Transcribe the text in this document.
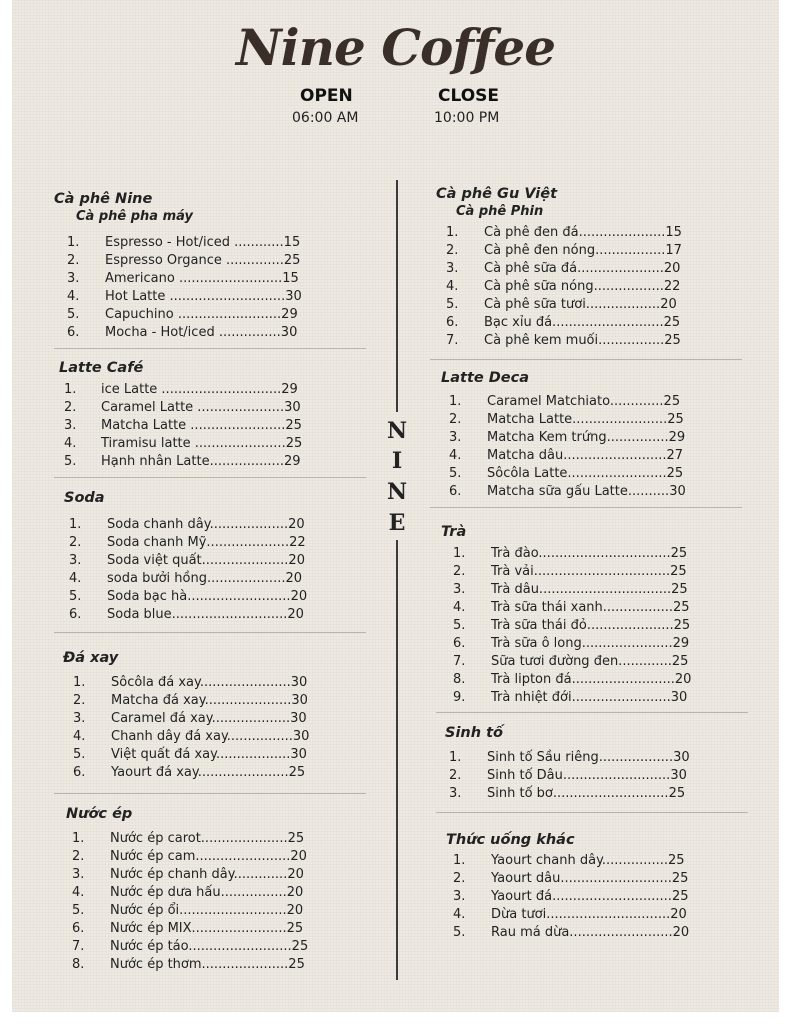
Nine Coffee
OPEN
06:00 AM
CLOSE
10:00 PM
N
I
N
E
Cà phê Nine
Cà phê pha máy
1. Espresso - Hot/iced ............15
2. Espresso Organce ..............25
3. Americano .........................15
4. Hot Latte ............................30
5. Capuchino .........................29
6. Mocha - Hot/iced ...............30
Latte Café
1. ice Latte .............................29
2. Caramel Latte .....................30
3. Matcha Latte .......................25
4. Tiramisu latte ......................25
5. Hạnh nhân Latte..................29
Soda
1. Soda chanh dây...................20
2. Soda chanh Mỹ....................22
3. Soda việt quất.....................20
4. soda bưởi hồng...................20
5. Soda bạc hà.........................20
6. Soda blue............................20
Đá xay
1. Sôcôla đá xay......................30
2. Matcha đá xay.....................30
3. Caramel đá xay...................30
4. Chanh dây đá xay................30
5. Việt quất đá xay..................30
6. Yaourt đá xay......................25
Nước ép
1. Nước ép carot.....................25
2. Nước ép cam.......................20
3. Nước ép chanh dây.............20
4. Nước ép dưa hấu................20
5. Nước ép ổi..........................20
6. Nước ép MIX.......................25
7. Nước ép táo.........................25
8. Nước ép thơm.....................25
Cà phê Gu Việt
Cà phê Phin
1. Cà phê đen đá.....................15
2. Cà phê đen nóng.................17
3. Cà phê sữa đá.....................20
4. Cà phê sữa nóng.................22
5. Cà phê sữa tươi..................20
6. Bạc xỉu đá...........................25
7. Cà phê kem muối................25
Latte Deca
1. Caramel Matchiato.............25
2. Matcha Latte.......................25
3. Matcha Kem trứng...............29
4. Matcha dâu.........................27
5. Sôcôla Latte........................25
6. Matcha sữa gấu Latte..........30
Trà
1. Trà đào................................25
2. Trà vải.................................25
3. Trà dâu................................25
4. Trà sữa thái xanh.................25
5. Trà sữa thái đỏ.....................25
6. Trà sữa ô long......................29
7. Sữa tươi đường đen.............25
8. Trà lipton đá.........................20
9. Trà nhiệt đới........................30
Sinh tố
1. Sinh tố Sầu riêng..................30
2. Sinh tố Dâu..........................30
3. Sinh tố bơ............................25
Thức uống khác
1. Yaourt chanh dây................25
2. Yaourt dâu...........................25
3. Yaourt đá.............................25
4. Dừa tươi..............................20
5. Rau má dừa.........................20
